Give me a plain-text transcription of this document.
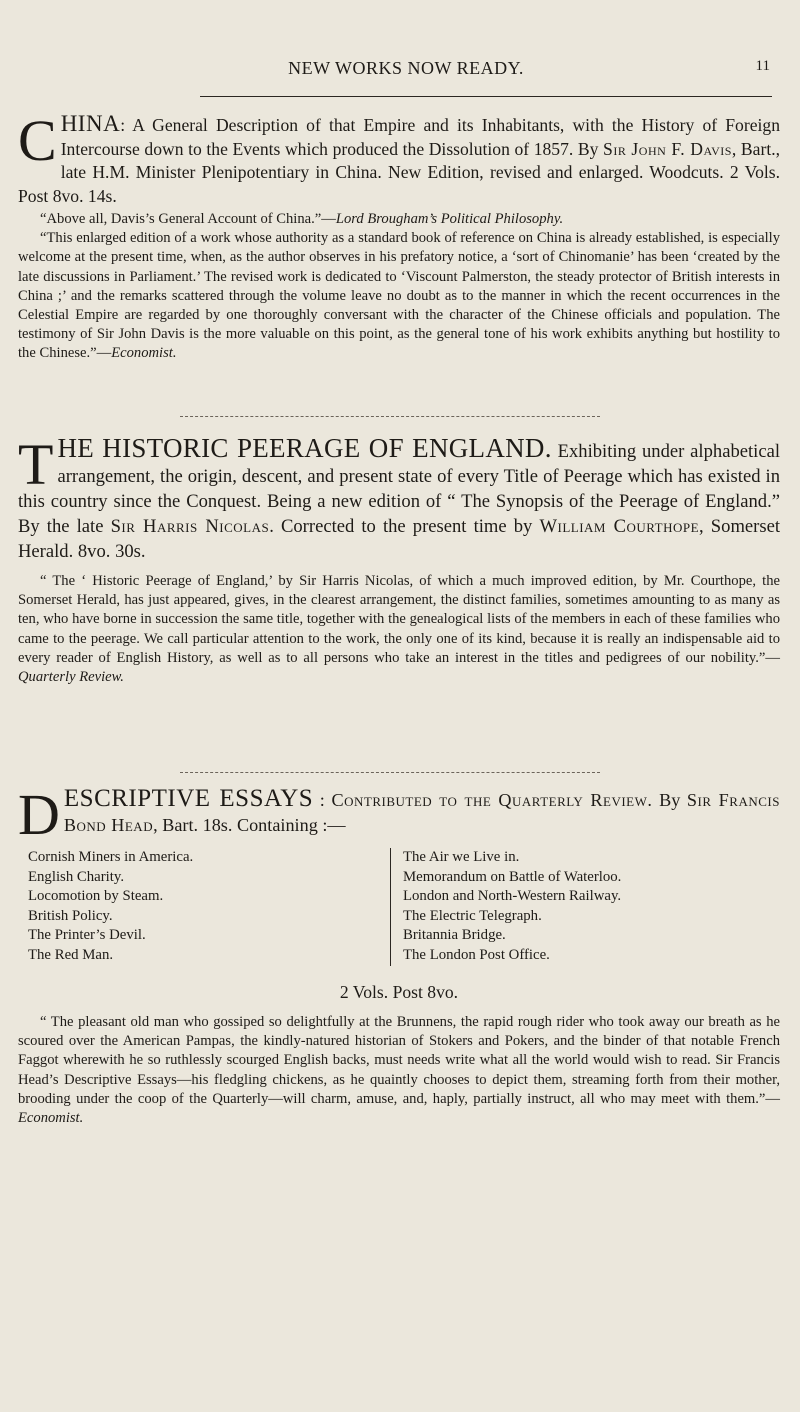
NEW WORKS NOW READY.	11

CHINA: A General Description of that Empire and its Inhabitants, with the History of Foreign Intercourse down to the Events which produced the Dissolution of 1857. By Sir John F. Davis, Bart., late H.M. Minister Plenipotentiary in China. New Edition, revised and enlarged. Woodcuts. 2 Vols. Post 8vo. 14s.

“Above all, Davis’s General Account of China.”—Lord Brougham’s Political Philosophy.

“This enlarged edition of a work whose authority as a standard book of reference on China is already established, is especially welcome at the present time, when, as the author observes in his prefatory notice, a ‘sort of Chinomanie’ has been ‘created by the late discussions in Parliament.’ The revised work is dedicated to ‘Viscount Palmerston, the steady protector of British interests in China ;’ and the remarks scattered through the volume leave no doubt as to the manner in which the recent occurrences in the Celestial Empire are regarded by one thoroughly conversant with the character of the Chinese officials and population. The testimony of Sir John Davis is the more valuable on this point, as the general tone of his work exhibits anything but hostility to the Chinese.”—Economist.

THE HISTORIC PEERAGE OF ENGLAND. Exhibiting under alphabetical arrangement, the origin, descent, and present state of every Title of Peerage which has existed in this country since the Conquest. Being a new edition of “ The Synopsis of the Peerage of England.” By the late Sir Harris Nicolas. Corrected to the present time by William Courthope, Somerset Herald. 8vo. 30s.

“ The ‘ Historic Peerage of England,’ by Sir Harris Nicolas, of which a much improved edition, by Mr. Courthope, the Somerset Herald, has just appeared, gives, in the clearest arrangement, the distinct families, sometimes amounting to as many as ten, who have borne in succession the same title, together with the genealogical lists of the members in each of these families who came to the peerage. We call particular attention to the work, the only one of its kind, because it is really an indispensable aid to every reader of English History, as well as to all persons who take an interest in the titles and pedigrees of our nobility.”—Quarterly Review.

DESCRIPTIVE ESSAYS : Contributed to the Quarterly Review. By Sir Francis Bond Head, Bart. 18s. Containing :—

Cornish Miners in America.
English Charity.
Locomotion by Steam.
British Policy.
The Printer’s Devil.
The Red Man.
The Air we Live in.
Memorandum on Battle of Waterloo.
London and North-Western Railway.
The Electric Telegraph.
Britannia Bridge.
The London Post Office.
2 Vols. Post 8vo.

“ The pleasant old man who gossiped so delightfully at the Brunnens, the rapid rough rider who took away our breath as he scoured over the American Pampas, the kindly-natured historian of Stokers and Pokers, and the binder of that notable French Faggot wherewith he so ruthlessly scourged English backs, must needs write what all the world would wish to read. Sir Francis Head’s Descriptive Essays—his fledgling chickens, as he quaintly chooses to depict them, streaming forth from their mother, brooding under the coop of the Quarterly—will charm, amuse, and, haply, partially instruct, all who may meet with them.”—Economist.
